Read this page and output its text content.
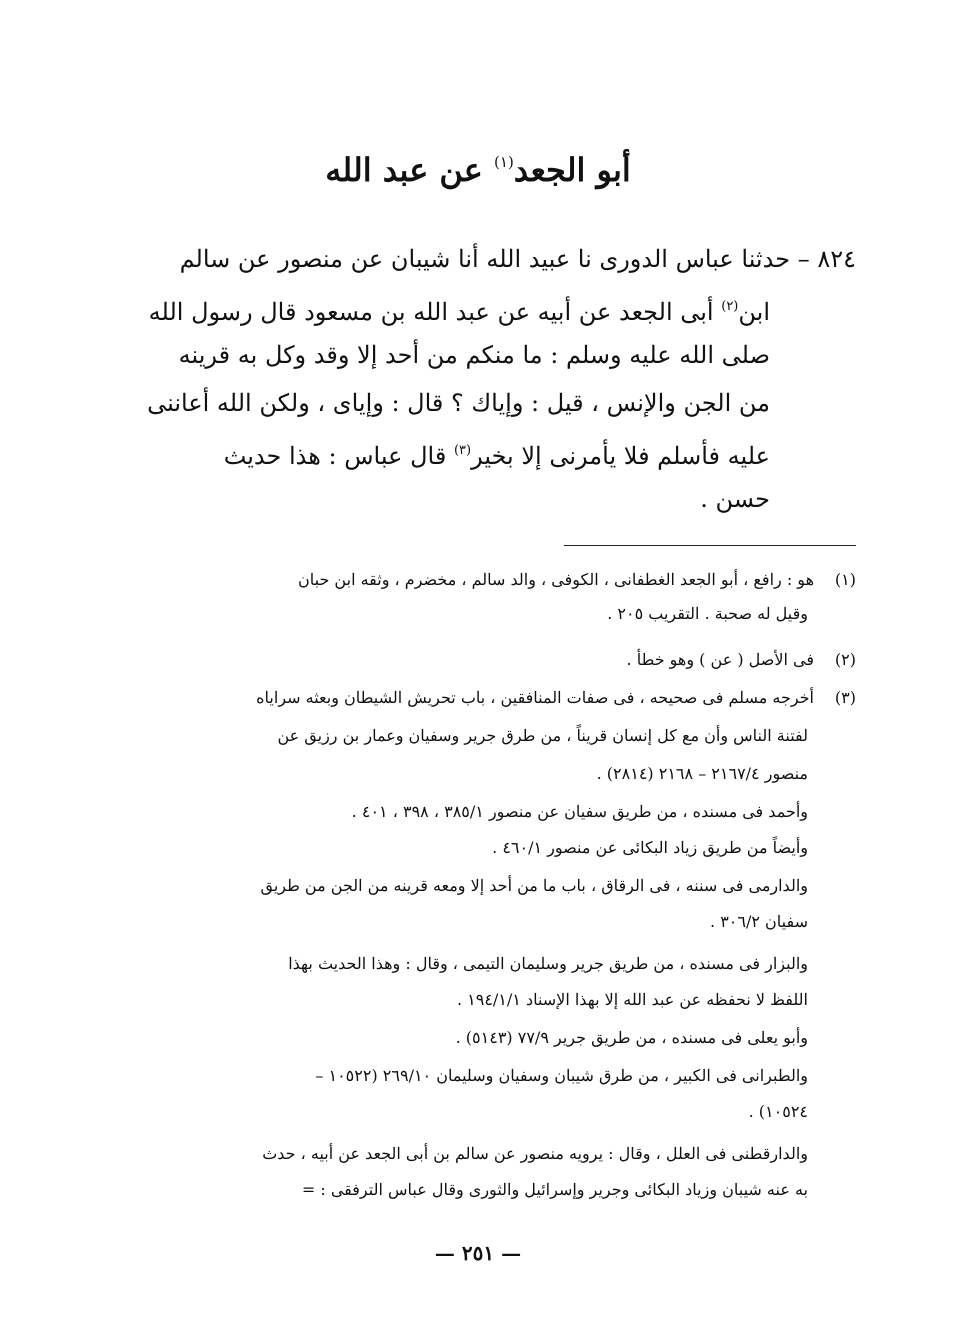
أبو الجعد$^{(١)}$ عن عبد الله
٨٢٤ – حدثنا عباس الدورى نا عبيد الله أنا شيبان عن منصور عن سالم
ابن$^{(٢)}$ أبى الجعد عن أبيه عن عبد الله بن مسعود قال رسول الله
صلى الله عليه وسلم : ما منكم من أحد إلا وقد وكل به قرينه
من الجن والإنس ، قيل : وإياك ؟ قال : وإياى ، ولكن الله أعاننى
عليه فأسلم فلا يأمرنى إلا بخير$^{(٣)}$ قال عباس : هذا حديث
حسن .
(١)هو : رافع ، أبو الجعد الغطفانى ، الكوفى ، والد سالم ، مخضرم ، وثقه ابن حبان
وقيل له صحبة . التقريب ٢٠٥ .
(٢)فى الأصل ( عن ) وهو خطأ .
(٣)أخرجه مسلم فى صحيحه ، فى صفات المنافقين ، باب تحريش الشيطان وبعثه سراياه
لفتنة الناس وأن مع كل إنسان قريناً ، من طرق جرير وسفيان وعمار بن رزيق عن
منصور ٢١٦٧/٤ – ٢١٦٨ (٢٨١٤) .
وأحمد فى مسنده ، من طريق سفيان عن منصور ٣٨٥/١ ، ٣٩٨ ، ٤٠١ .
وأيضاً من طريق زياد البكائى عن منصور ٤٦٠/١ .
والدارمى فى سننه ، فى الرقاق ، باب ما من أحد إلا ومعه قرينه من الجن من طريق
سفيان ٣٠٦/٢ .
والبزار فى مسنده ، من طريق جرير وسليمان التيمى ، وقال : وهذا الحديث بهذا
اللفظ لا نحفظه عن عبد الله إلا بهذا الإسناد ١٩٤/١/١ .
وأبو يعلى فى مسنده ، من طريق جرير ٧٧/٩ (٥١٤٣) .
والطبرانى فى الكبير ، من طرق شيبان وسفيان وسليمان ٢٦٩/١٠ (١٠٥٢٢ –
١٠٥٢٤) .
والدارقطنى فى العلل ، وقال : يرويه منصور عن سالم بن أبى الجعد عن أبيه ، حدث
به عنه شيبان وزياد البكائى وجرير وإسرائيل والثورى وقال عباس الترفقى : =
— ٢٥١ —
